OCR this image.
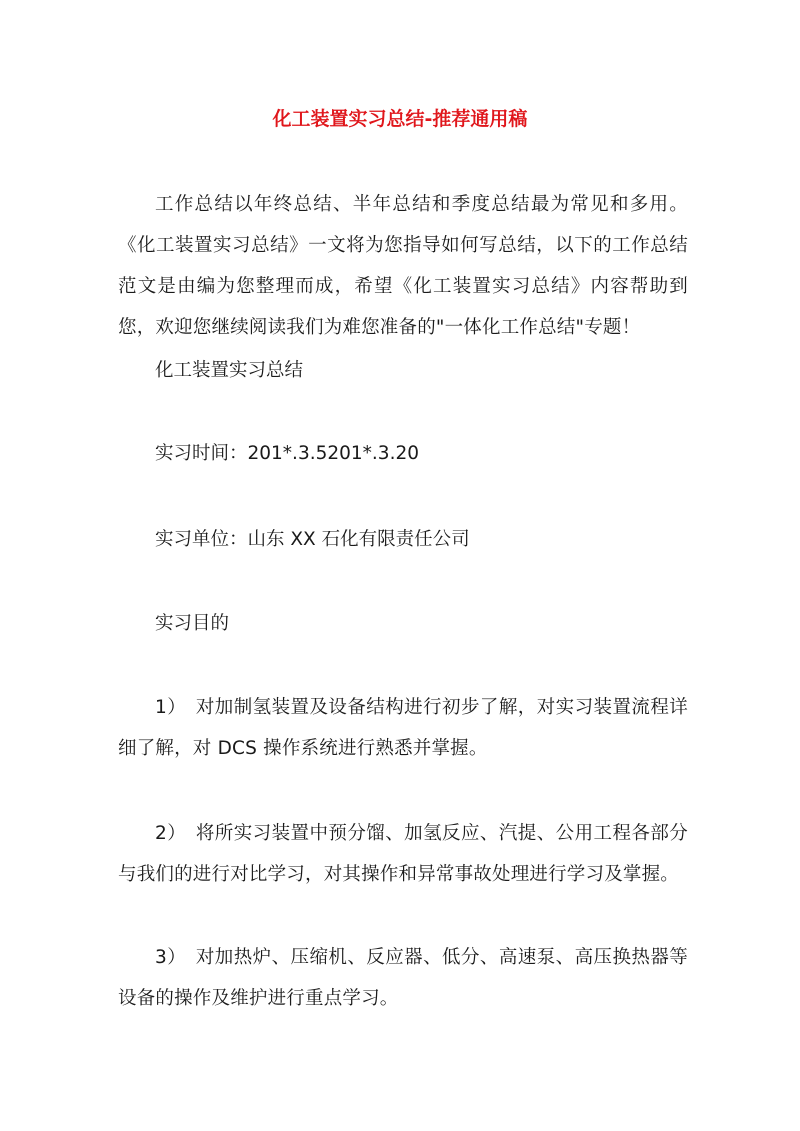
化工装置实习总结-推荐通用稿

工作总结以年终总结、半年总结和季度总结最为常见和多用。《化工装置实习总结》一文将为您指导如何写总结，以下的工作总结范文是由编为您整理而成，希望《化工装置实习总结》内容帮助到您，欢迎您继续阅读我们为难您准备的"一体化工作总结"专题！

化工装置实习总结

实习时间：201*.3.5201*.3.20

实习单位：山东 XX 石化有限责任公司

实习目的

1）　对加制氢装置及设备结构进行初步了解，对实习装置流程详细了解，对 DCS 操作系统进行熟悉并掌握。

2）　将所实习装置中预分馏、加氢反应、汽提、公用工程各部分与我们的进行对比学习，对其操作和异常事故处理进行学习及掌握。

3）　对加热炉、压缩机、反应器、低分、高速泵、高压换热器等设备的操作及维护进行重点学习。
